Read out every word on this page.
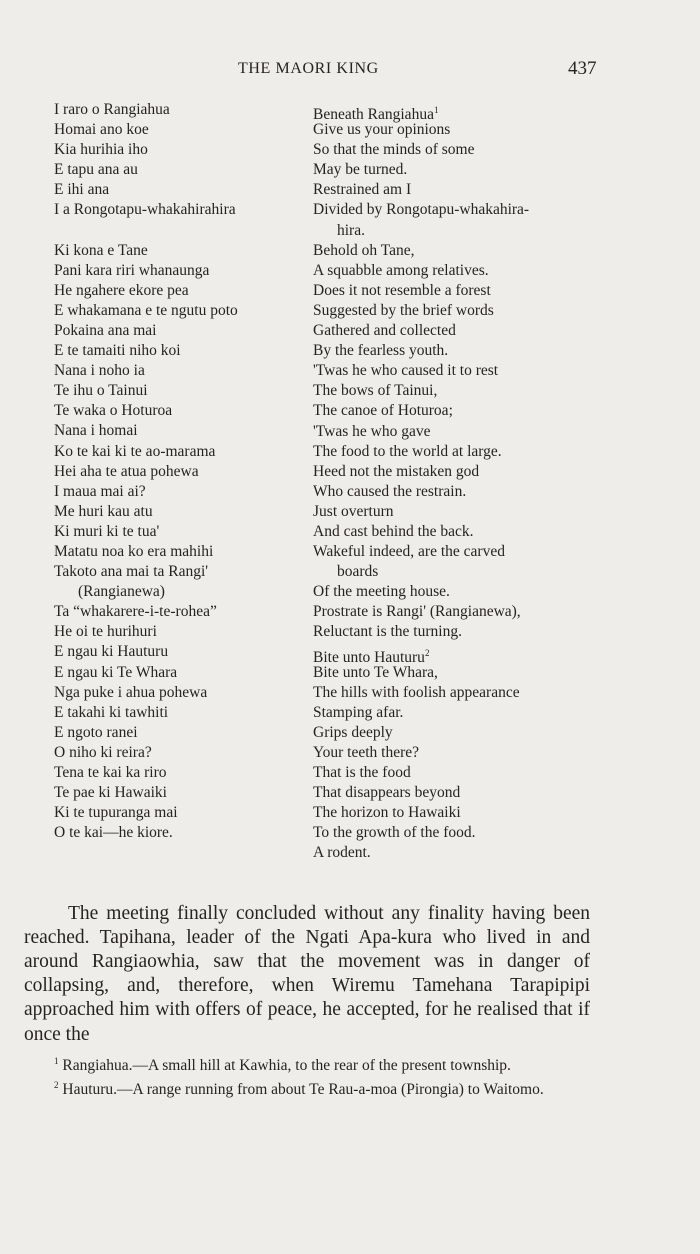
THE MAORI KING	437
I raro o Rangiahua
Homai ano koe
Kia hurihia iho
E tapu ana au
E ihi ana
I a Rongotapu-whakahirahira
Ki kona e Tane
Pani kara riri whanaunga
He ngahere ekore pea
E whakamana e te ngutu poto
Pokaina ana mai
E te tamaiti niho koi
Nana i noho ia
Te ihu o Tainui
Te waka o Hoturoa
Nana i homai
Ko te kai ki te ao-marama
Hei aha te atua pohewa
I maua mai ai?
Me huri kau atu
Ki muri ki te tua'
Matatu noa ko era mahihi
Takoto ana mai ta Rangi'
(Rangianewa)
Ta “whakarere-i-te-rohea”
He oi te hurihuri
E ngau ki Hauturu
E ngau ki Te Whara
Nga puke i ahua pohewa
E takahi ki tawhiti
E ngoto ranei
O niho ki reira?
Tena te kai ka riro
Te pae ki Hawaiki
Ki te tupuranga mai
O te kai—he kiore.
Beneath Rangiahua$^1$
Give us your opinions
So that the minds of some
May be turned.
Restrained am I
Divided by Rongotapu-whakahira-
hira.
Behold oh Tane,
A squabble among relatives.
Does it not resemble a forest
Suggested by the brief words
Gathered and collected
By the fearless youth.
'Twas he who caused it to rest
The bows of Tainui,
The canoe of Hoturoa;
'Twas he who gave
The food to the world at large.
Heed not the mistaken god
Who caused the restrain.
Just overturn
And cast behind the back.
Wakeful indeed, are the carved
boards
Of the meeting house.
Prostrate is Rangi' (Rangianewa),
Reluctant is the turning.
Bite unto Hauturu$^2$
Bite unto Te Whara,
The hills with foolish appearance
Stamping afar.
Grips deeply
Your teeth there?
That is the food
That disappears beyond
The horizon to Hawaiki
To the growth of the food.
A rodent.

The meeting finally concluded without any finality having been reached. Tapihana, leader of the Ngati Apa-kura who lived in and around Rangiaowhia, saw that the movement was in danger of collapsing, and, therefore, when Wiremu Tamehana Tarapipipi approached him with offers of peace, he accepted, for he realised that if once the

$^1$ Rangiahua.—A small hill at Kawhia, to the rear of the present township.
$^2$ Hauturu.—A range running from about Te Rau-a-moa (Pirongia) to Waitomo.
